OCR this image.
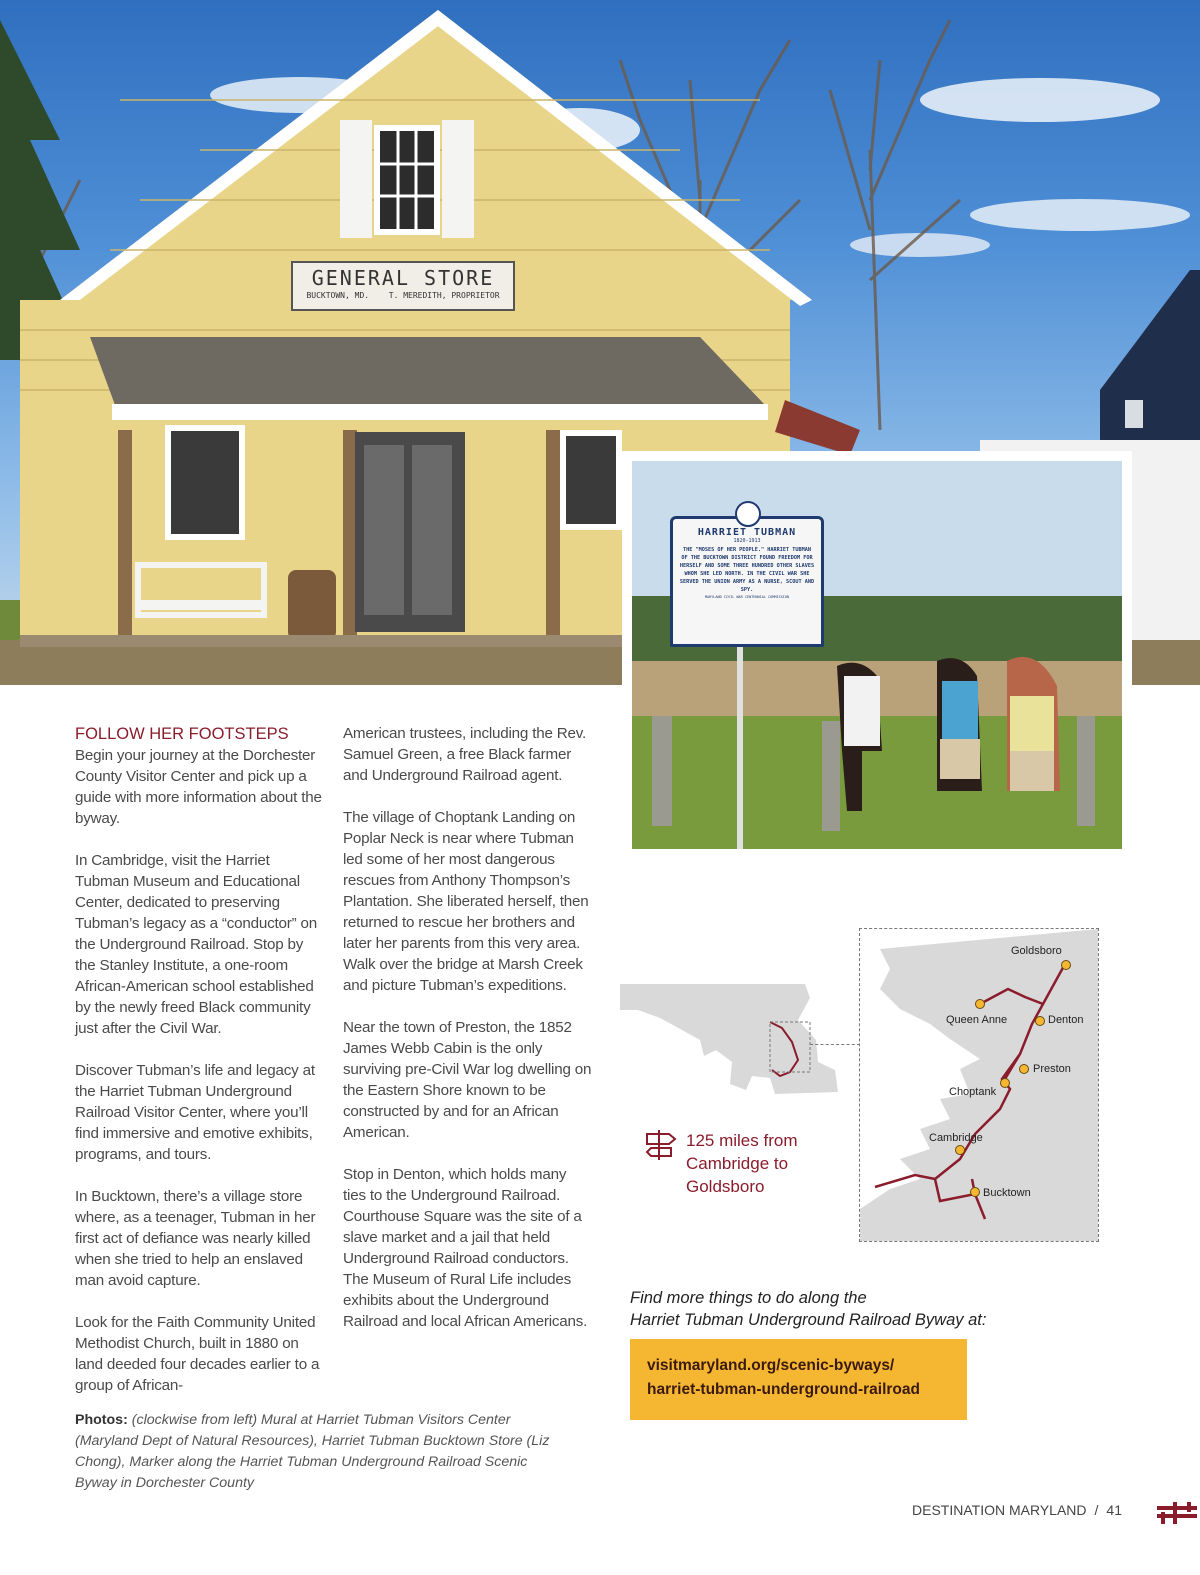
GENERAL STORE
BUCKTOWN, MD. T. MEREDITH, PROPRIETOR
HARRIET TUBMAN
1820-1913
THE "MOSES OF HER PEOPLE." HARRIET TUBMAN OF THE BUCKTOWN DISTRICT FOUND FREEDOM FOR HERSELF AND SOME THREE HUNDRED OTHER SLAVES WHOM SHE LED NORTH. IN THE CIVIL WAR SHE SERVED THE UNION ARMY AS A NURSE, SCOUT AND SPY.
MARYLAND CIVIL WAR CENTENNIAL COMMISSION
FOLLOW HER FOOTSTEPS

Begin your journey at the Dorchester County Visitor Center and pick up a guide with more information about the byway.

In Cambridge, visit the Harriet Tubman Museum and Educational Center, dedicated to preserving Tubman’s legacy as a “conductor” on the Underground Railroad. Stop by the Stanley Institute, a one-room African-American school established by the newly freed Black community just after the Civil War.

Discover Tubman’s life and legacy at the Harriet Tubman Underground Railroad Visitor Center, where you’ll find immersive and emotive exhibits, programs, and tours.

In Bucktown, there’s a village store where, as a teenager, Tubman in her first act of defiance was nearly killed when she tried to help an enslaved man avoid capture.

Look for the Faith Community United Methodist Church, built in 1880 on land deeded four decades earlier to a group of African-

American trustees, including the Rev. Samuel Green, a free Black farmer and Underground Railroad agent.

The village of Choptank Landing on Poplar Neck is near where Tubman led some of her most dangerous rescues from Anthony Thompson’s Plantation. She liberated herself, then returned to rescue her brothers and later her parents from this very area. Walk over the bridge at Marsh Creek and picture Tubman’s expeditions.

Near the town of Preston, the 1852 James Webb Cabin is the only surviving pre-Civil War log dwelling on the Eastern Shore known to be constructed by and for an African American.

Stop in Denton, which holds many ties to the Underground Railroad. Courthouse Square was the site of a slave market and a jail that held Underground Railroad conductors. The Museum of Rural Life includes exhibits about the Underground Railroad and local African Americans.

Photos: (clockwise from left) Mural at Harriet Tubman Visitors Center (Maryland Dept of Natural Resources), Harriet Tubman Bucktown Store (Liz Chong), Marker along the Harriet Tubman Underground Railroad Scenic Byway in Dorchester County
Goldsboro
Queen Anne	Denton
Preston
Choptank
Cambridge
Bucktown
125 miles from
Cambridge to
Goldsboro
Find more things to do along the
Harriet Tubman Underground Railroad Byway at:
visitmaryland.org/scenic-byways/
harriet-tubman-underground-railroad
DESTINATION MARYLAND / 41
